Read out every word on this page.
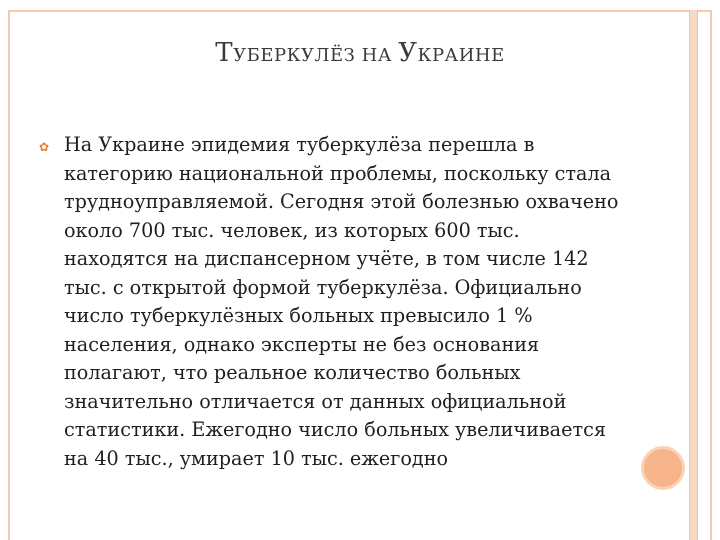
ТУБЕРКУЛЁЗ НА УКРАИНЕ
✿ На Украине эпидемия туберкулёза перешла в категорию национальной проблемы, поскольку стала трудноуправляемой. Сегодня этой болезнью охвачено около 700 тыс. человек, из которых 600 тыс. находятся на диспансерном учёте, в том числе 142 тыс. с открытой формой туберкулёза. Официально число туберкулёзных больных превысило 1 % населения, однако эксперты не без основания полагают, что реальное количество больных значительно отличается от данных официальной статистики. Ежегодно число больных увеличивается на 40 тыс., умирает 10 тыс. ежегодно
